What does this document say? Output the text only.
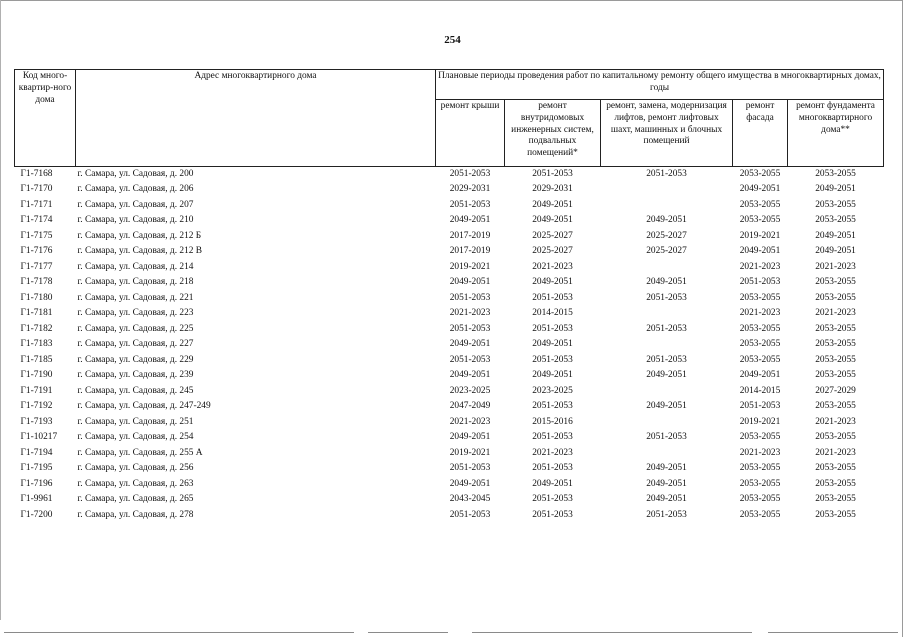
254
Код много-квартир-ного дома	Адрес многоквартирного дома	Плановые периоды проведения работ по капитальному ремонту общего имущества в многоквартирных домах, годы				
		ремонт крыши	ремонт внутридомовых инженерных систем, подвальных помещений*	ремонт, замена, модернизация лифтов, ремонт лифтовых шахт, машинных и блочных помещений	ремонт фасада	ремонт фундамента многоквартирного дома**
Г1-7168	г. Самара, ул. Садовая, д. 200	2051-2053	2051-2053	2051-2053	2053-2055	2053-2055
Г1-7170	г. Самара, ул. Садовая, д. 206	2029-2031	2029-2031		2049-2051	2049-2051
Г1-7171	г. Самара, ул. Садовая, д. 207	2051-2053	2049-2051		2053-2055	2053-2055
Г1-7174	г. Самара, ул. Садовая, д. 210	2049-2051	2049-2051	2049-2051	2053-2055	2053-2055
Г1-7175	г. Самара, ул. Садовая, д. 212 Б	2017-2019	2025-2027	2025-2027	2019-2021	2049-2051
Г1-7176	г. Самара, ул. Садовая, д. 212 В	2017-2019	2025-2027	2025-2027	2049-2051	2049-2051
Г1-7177	г. Самара, ул. Садовая, д. 214	2019-2021	2021-2023		2021-2023	2021-2023
Г1-7178	г. Самара, ул. Садовая, д. 218	2049-2051	2049-2051	2049-2051	2051-2053	2053-2055
Г1-7180	г. Самара, ул. Садовая, д. 221	2051-2053	2051-2053	2051-2053	2053-2055	2053-2055
Г1-7181	г. Самара, ул. Садовая, д. 223	2021-2023	2014-2015		2021-2023	2021-2023
Г1-7182	г. Самара, ул. Садовая, д. 225	2051-2053	2051-2053	2051-2053	2053-2055	2053-2055
Г1-7183	г. Самара, ул. Садовая, д. 227	2049-2051	2049-2051		2053-2055	2053-2055
Г1-7185	г. Самара, ул. Садовая, д. 229	2051-2053	2051-2053	2051-2053	2053-2055	2053-2055
Г1-7190	г. Самара, ул. Садовая, д. 239	2049-2051	2049-2051	2049-2051	2049-2051	2053-2055
Г1-7191	г. Самара, ул. Садовая, д. 245	2023-2025	2023-2025		2014-2015	2027-2029
Г1-7192	г. Самара, ул. Садовая, д. 247-249	2047-2049	2051-2053	2049-2051	2051-2053	2053-2055
Г1-7193	г. Самара, ул. Садовая, д. 251	2021-2023	2015-2016		2019-2021	2021-2023
Г1-10217	г. Самара, ул. Садовая, д. 254	2049-2051	2051-2053	2051-2053	2053-2055	2053-2055
Г1-7194	г. Самара, ул. Садовая, д. 255 А	2019-2021	2021-2023		2021-2023	2021-2023
Г1-7195	г. Самара, ул. Садовая, д. 256	2051-2053	2051-2053	2049-2051	2053-2055	2053-2055
Г1-7196	г. Самара, ул. Садовая, д. 263	2049-2051	2049-2051	2049-2051	2053-2055	2053-2055
Г1-9961	г. Самара, ул. Садовая, д. 265	2043-2045	2051-2053	2049-2051	2053-2055	2053-2055
Г1-7200	г. Самара, ул. Садовая, д. 278	2051-2053	2051-2053	2051-2053	2053-2055	2053-2055
